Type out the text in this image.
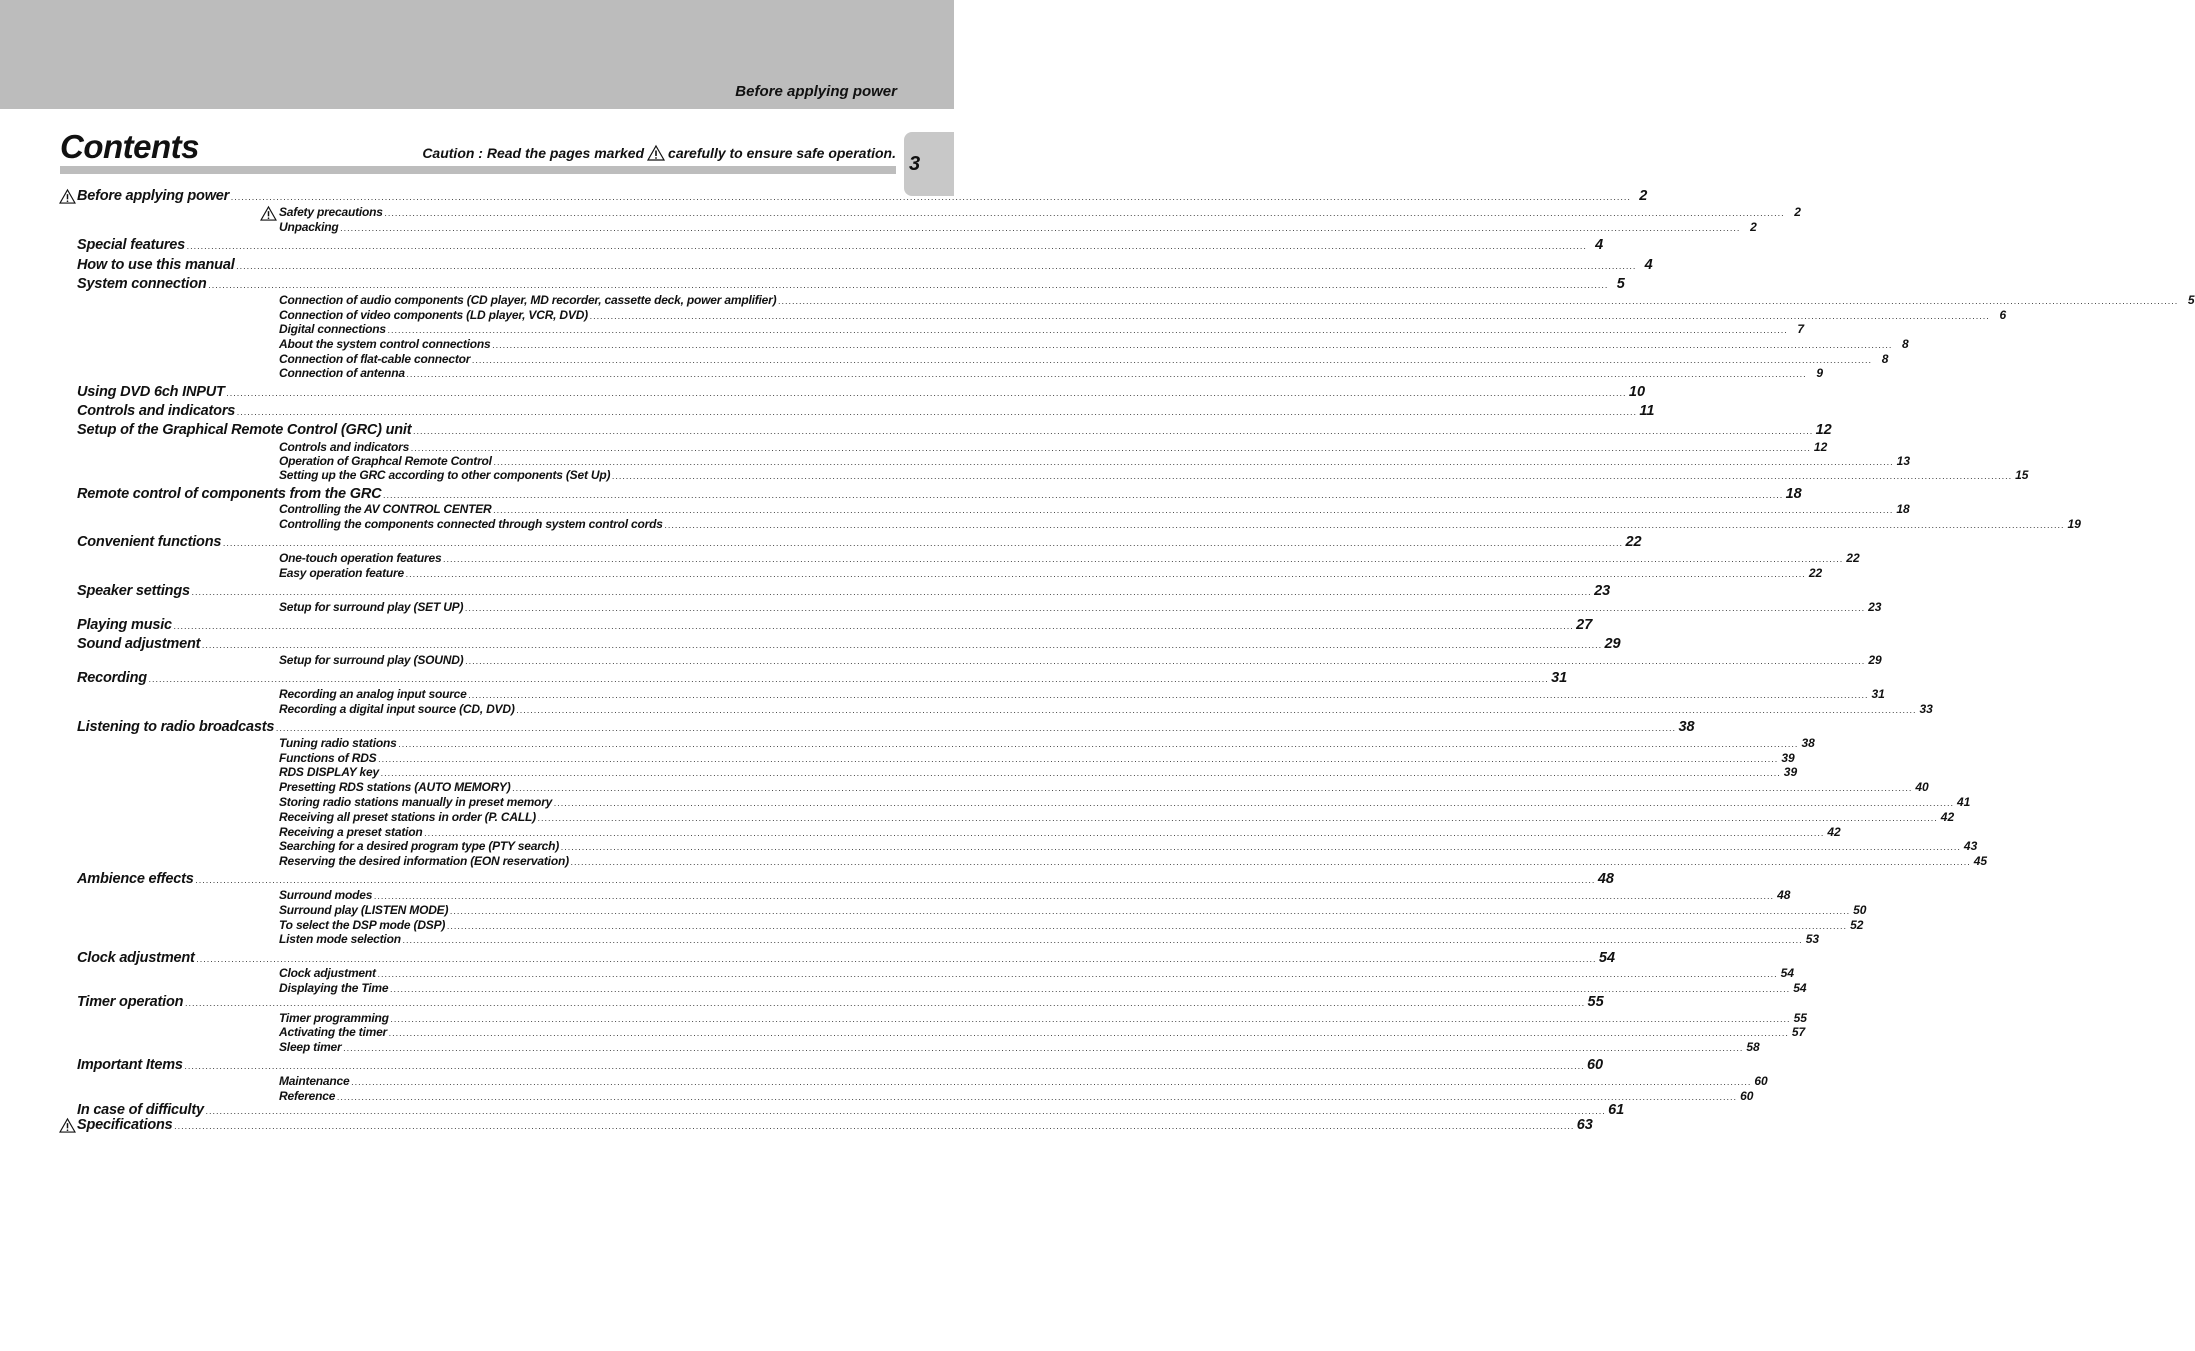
Before applying power
3
Contents	Caution : Read the pages marked carefully to ensure safe operation.
Before applying power ................................................................................................................................................................................................................................................................................................................................................................................................................ 2
Safety precautions ................................................................................................................................................................................................................................................................................................................................................................................................................ 2
Unpacking ................................................................................................................................................................................................................................................................................................................................................................................................................ 2
Special features ................................................................................................................................................................................................................................................................................................................................................................................................................ 4
How to use this manual ................................................................................................................................................................................................................................................................................................................................................................................................................ 4
System connection ................................................................................................................................................................................................................................................................................................................................................................................................................ 5
Connection of audio components (CD player, MD recorder, cassette deck, power amplifier) ................................................................................................................................................................................................................................................................................................................................................................................................................ 5
Connection of video components (LD player, VCR, DVD) ................................................................................................................................................................................................................................................................................................................................................................................................................ 6
Digital connections ................................................................................................................................................................................................................................................................................................................................................................................................................ 7
About the system control connections ................................................................................................................................................................................................................................................................................................................................................................................................................ 8
Connection of flat-cable connector ................................................................................................................................................................................................................................................................................................................................................................................................................ 8
Connection of antenna ................................................................................................................................................................................................................................................................................................................................................................................................................ 9
Using DVD 6ch INPUT ................................................................................................................................................................................................................................................................................................................................................................................................................ 10
Controls and indicators ................................................................................................................................................................................................................................................................................................................................................................................................................ 11
Setup of the Graphical Remote Control (GRC) unit ................................................................................................................................................................................................................................................................................................................................................................................................................ 12
Controls and indicators ................................................................................................................................................................................................................................................................................................................................................................................................................ 12
Operation of Graphcal Remote Control ................................................................................................................................................................................................................................................................................................................................................................................................................ 13
Setting up the GRC according to other components (Set Up) ................................................................................................................................................................................................................................................................................................................................................................................................................ 15
Remote control of components from the GRC ................................................................................................................................................................................................................................................................................................................................................................................................................ 18
Controlling the AV CONTROL CENTER ................................................................................................................................................................................................................................................................................................................................................................................................................ 18
Controlling the components connected through system control cords ................................................................................................................................................................................................................................................................................................................................................................................................................ 19
Convenient functions ................................................................................................................................................................................................................................................................................................................................................................................................................ 22
One-touch operation features ................................................................................................................................................................................................................................................................................................................................................................................................................ 22
Easy operation feature ................................................................................................................................................................................................................................................................................................................................................................................................................ 22
Speaker settings ................................................................................................................................................................................................................................................................................................................................................................................................................ 23
Setup for surround play (SET UP) ................................................................................................................................................................................................................................................................................................................................................................................................................ 23
Playing music ................................................................................................................................................................................................................................................................................................................................................................................................................ 27
Sound adjustment ................................................................................................................................................................................................................................................................................................................................................................................................................ 29
Setup for surround play (SOUND) ................................................................................................................................................................................................................................................................................................................................................................................................................ 29
Recording ................................................................................................................................................................................................................................................................................................................................................................................................................ 31
Recording an analog input source ................................................................................................................................................................................................................................................................................................................................................................................................................ 31
Recording a digital input source (CD, DVD) ................................................................................................................................................................................................................................................................................................................................................................................................................ 33
Listening to radio broadcasts ................................................................................................................................................................................................................................................................................................................................................................................................................ 38
Tuning radio stations ................................................................................................................................................................................................................................................................................................................................................................................................................ 38
Functions of RDS ................................................................................................................................................................................................................................................................................................................................................................................................................ 39
RDS DISPLAY key ................................................................................................................................................................................................................................................................................................................................................................................................................ 39
Presetting RDS stations (AUTO MEMORY) ................................................................................................................................................................................................................................................................................................................................................................................................................ 40
Storing radio stations manually in preset memory ................................................................................................................................................................................................................................................................................................................................................................................................................ 41
Receiving all preset stations in order (P. CALL) ................................................................................................................................................................................................................................................................................................................................................................................................................ 42
Receiving a preset station ................................................................................................................................................................................................................................................................................................................................................................................................................ 42
Searching for a desired program type (PTY search) ................................................................................................................................................................................................................................................................................................................................................................................................................ 43
Reserving the desired information (EON reservation) ................................................................................................................................................................................................................................................................................................................................................................................................................ 45
Ambience effects ................................................................................................................................................................................................................................................................................................................................................................................................................ 48
Surround modes ................................................................................................................................................................................................................................................................................................................................................................................................................ 48
Surround play (LISTEN MODE) ................................................................................................................................................................................................................................................................................................................................................................................................................ 50
To select the DSP mode (DSP) ................................................................................................................................................................................................................................................................................................................................................................................................................ 52
Listen mode selection ................................................................................................................................................................................................................................................................................................................................................................................................................ 53
Clock adjustment ................................................................................................................................................................................................................................................................................................................................................................................................................ 54
Clock adjustment ................................................................................................................................................................................................................................................................................................................................................................................................................ 54
Displaying the Time ................................................................................................................................................................................................................................................................................................................................................................................................................ 54
Timer operation ................................................................................................................................................................................................................................................................................................................................................................................................................ 55
Timer programming ................................................................................................................................................................................................................................................................................................................................................................................................................ 55
Activating the timer ................................................................................................................................................................................................................................................................................................................................................................................................................ 57
Sleep timer ................................................................................................................................................................................................................................................................................................................................................................................................................ 58
Important Items ................................................................................................................................................................................................................................................................................................................................................................................................................ 60
Maintenance ................................................................................................................................................................................................................................................................................................................................................................................................................ 60
Reference ................................................................................................................................................................................................................................................................................................................................................................................................................ 60
In case of difficulty ................................................................................................................................................................................................................................................................................................................................................................................................................ 61
Specifications ................................................................................................................................................................................................................................................................................................................................................................................................................ 63
